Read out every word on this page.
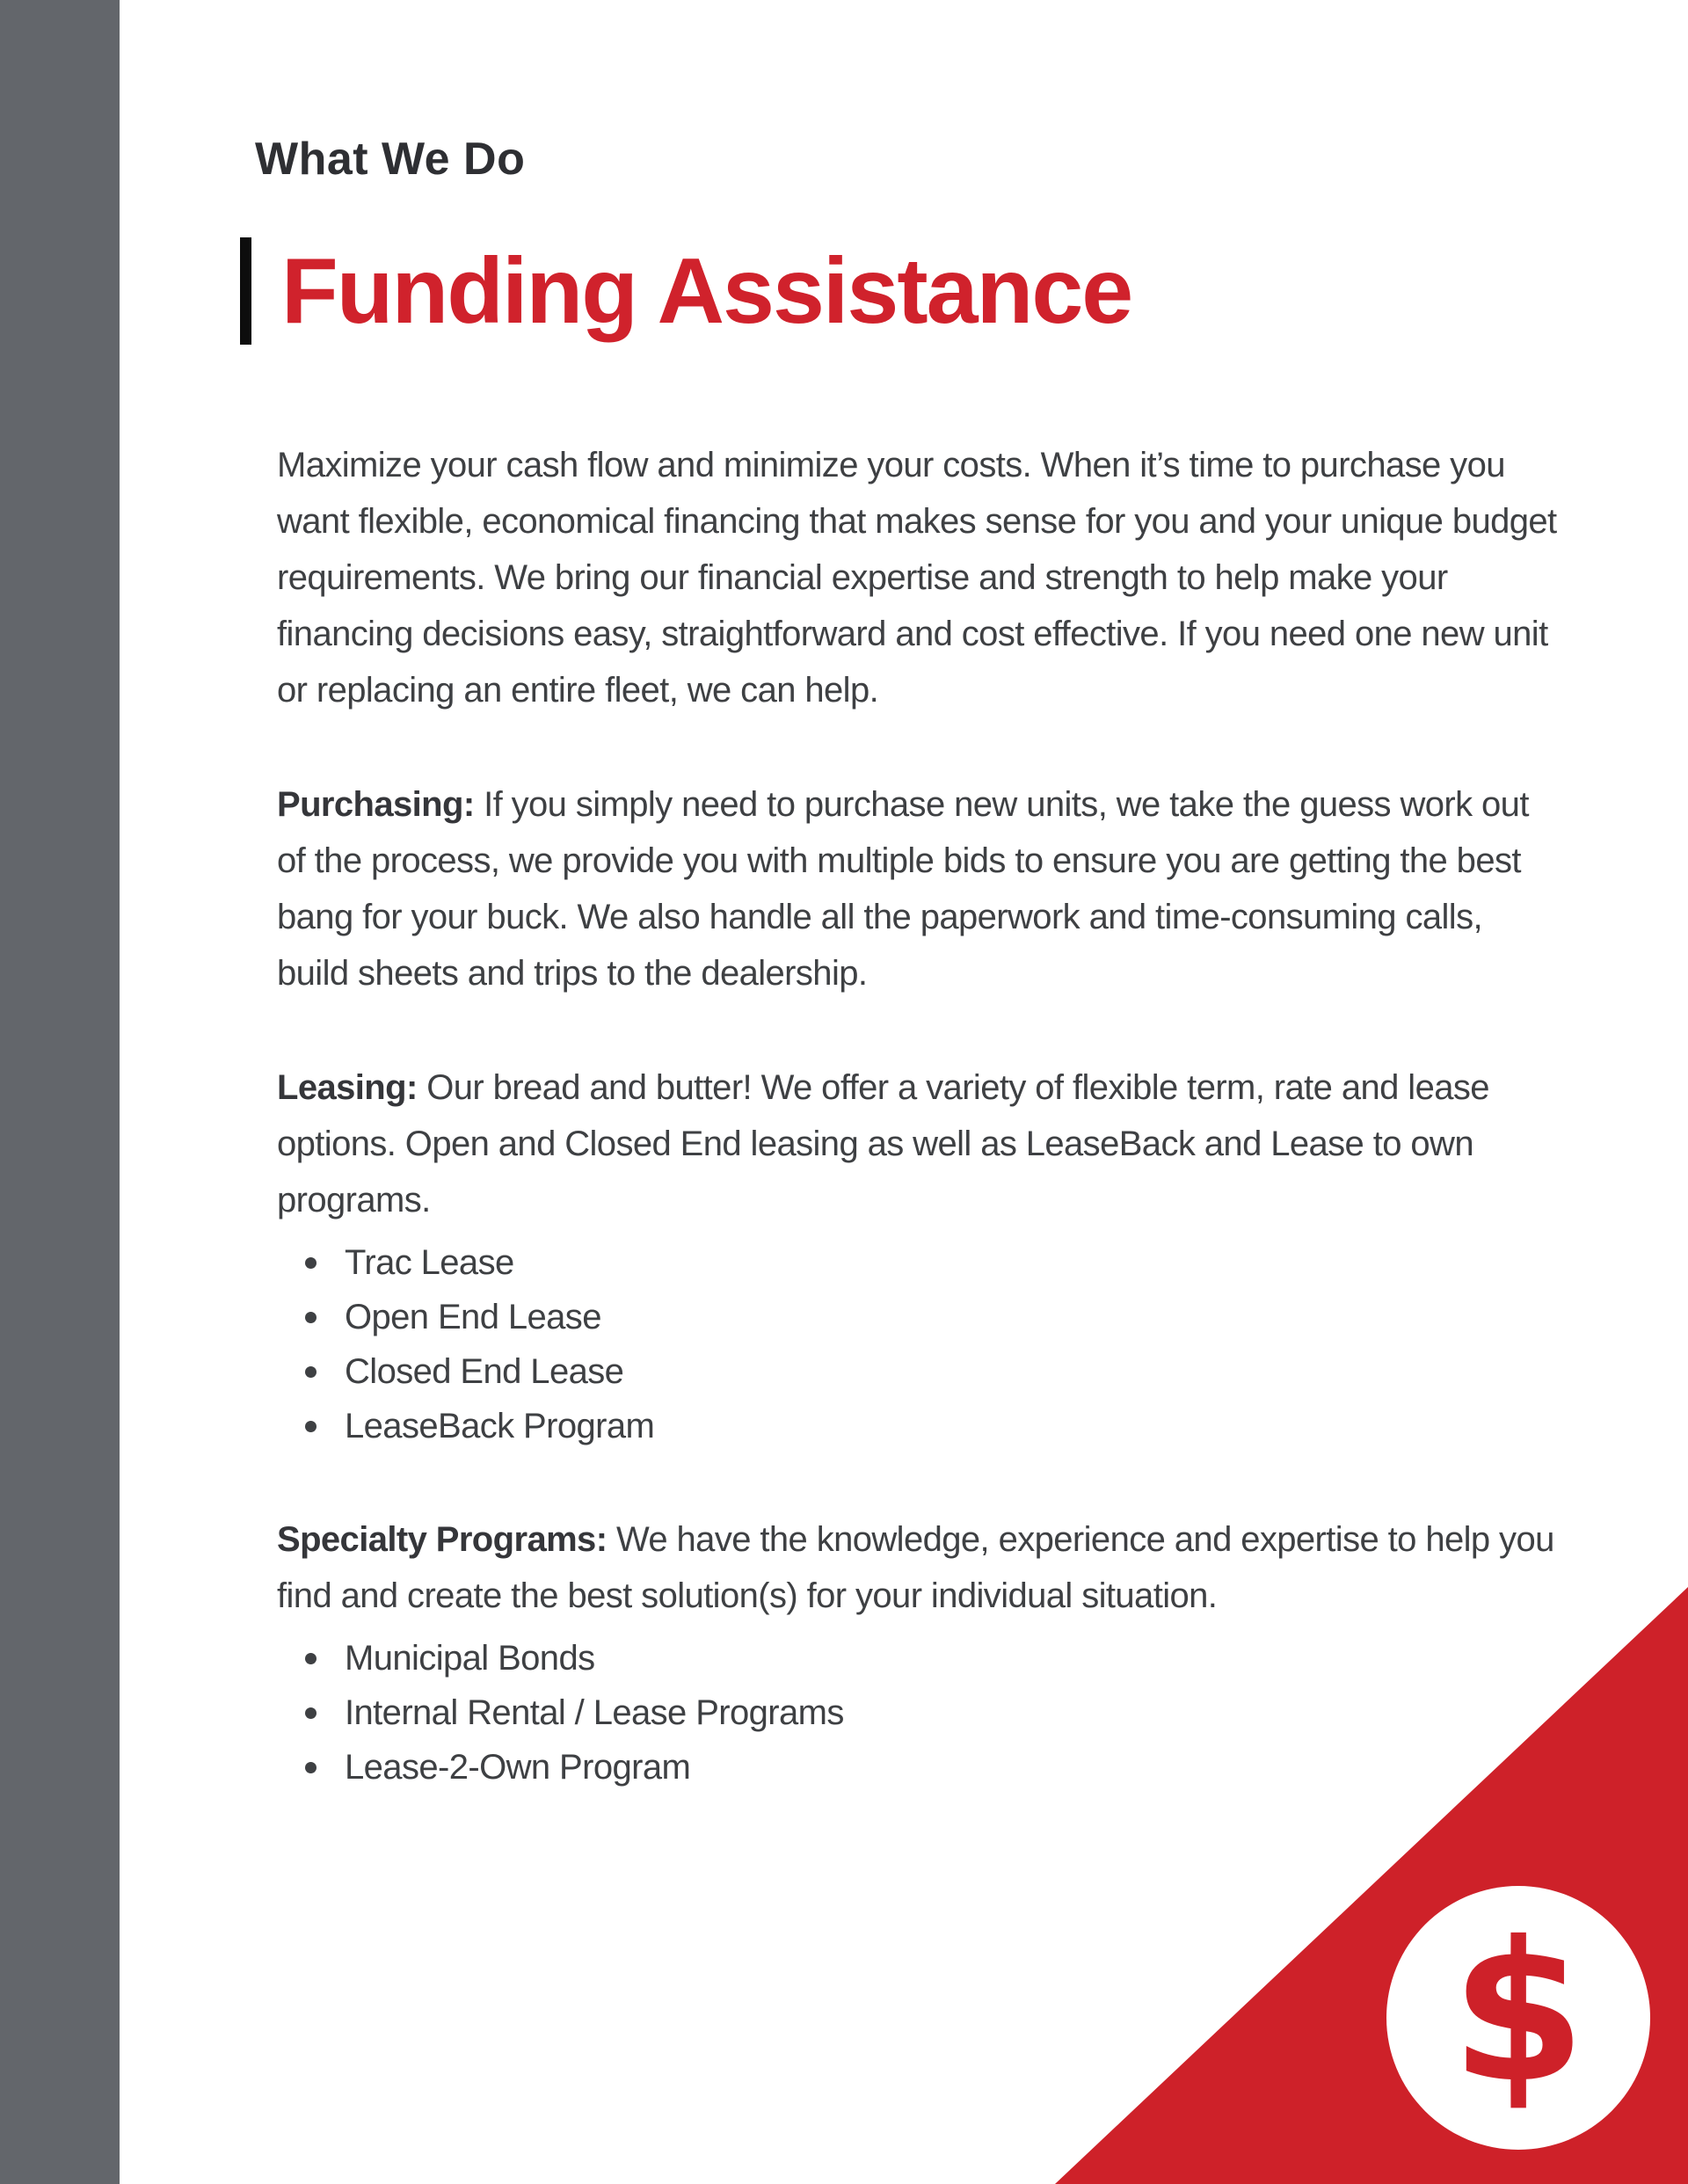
What We Do
Funding Assistance

Maximize your cash flow and minimize your costs. When it’s time to purchase you want flexible, economical financing that makes sense for you and your unique budget requirements. We bring our financial expertise and strength to help make your financing decisions easy, straightforward and cost effective. If you need one new unit or replacing an entire fleet, we can help.

Purchasing: If you simply need to purchase new units, we take the guess work out of the process, we provide you with multiple bids to ensure you are getting the best bang for your buck. We also handle all the paperwork and time-consuming calls, build sheets and trips to the dealership.

Leasing: Our bread and butter! We offer a variety of flexible term, rate and lease options. Open and Closed End leasing as well as LeaseBack and Lease to own programs.

Trac Lease
Open End Lease
Closed End Lease
LeaseBack Program

Specialty Programs: We have the knowledge, experience and expertise to help you find and create the best solution(s) for your individual situation.

Municipal Bonds
Internal Rental / Lease Programs
Lease-2-Own Program
$
